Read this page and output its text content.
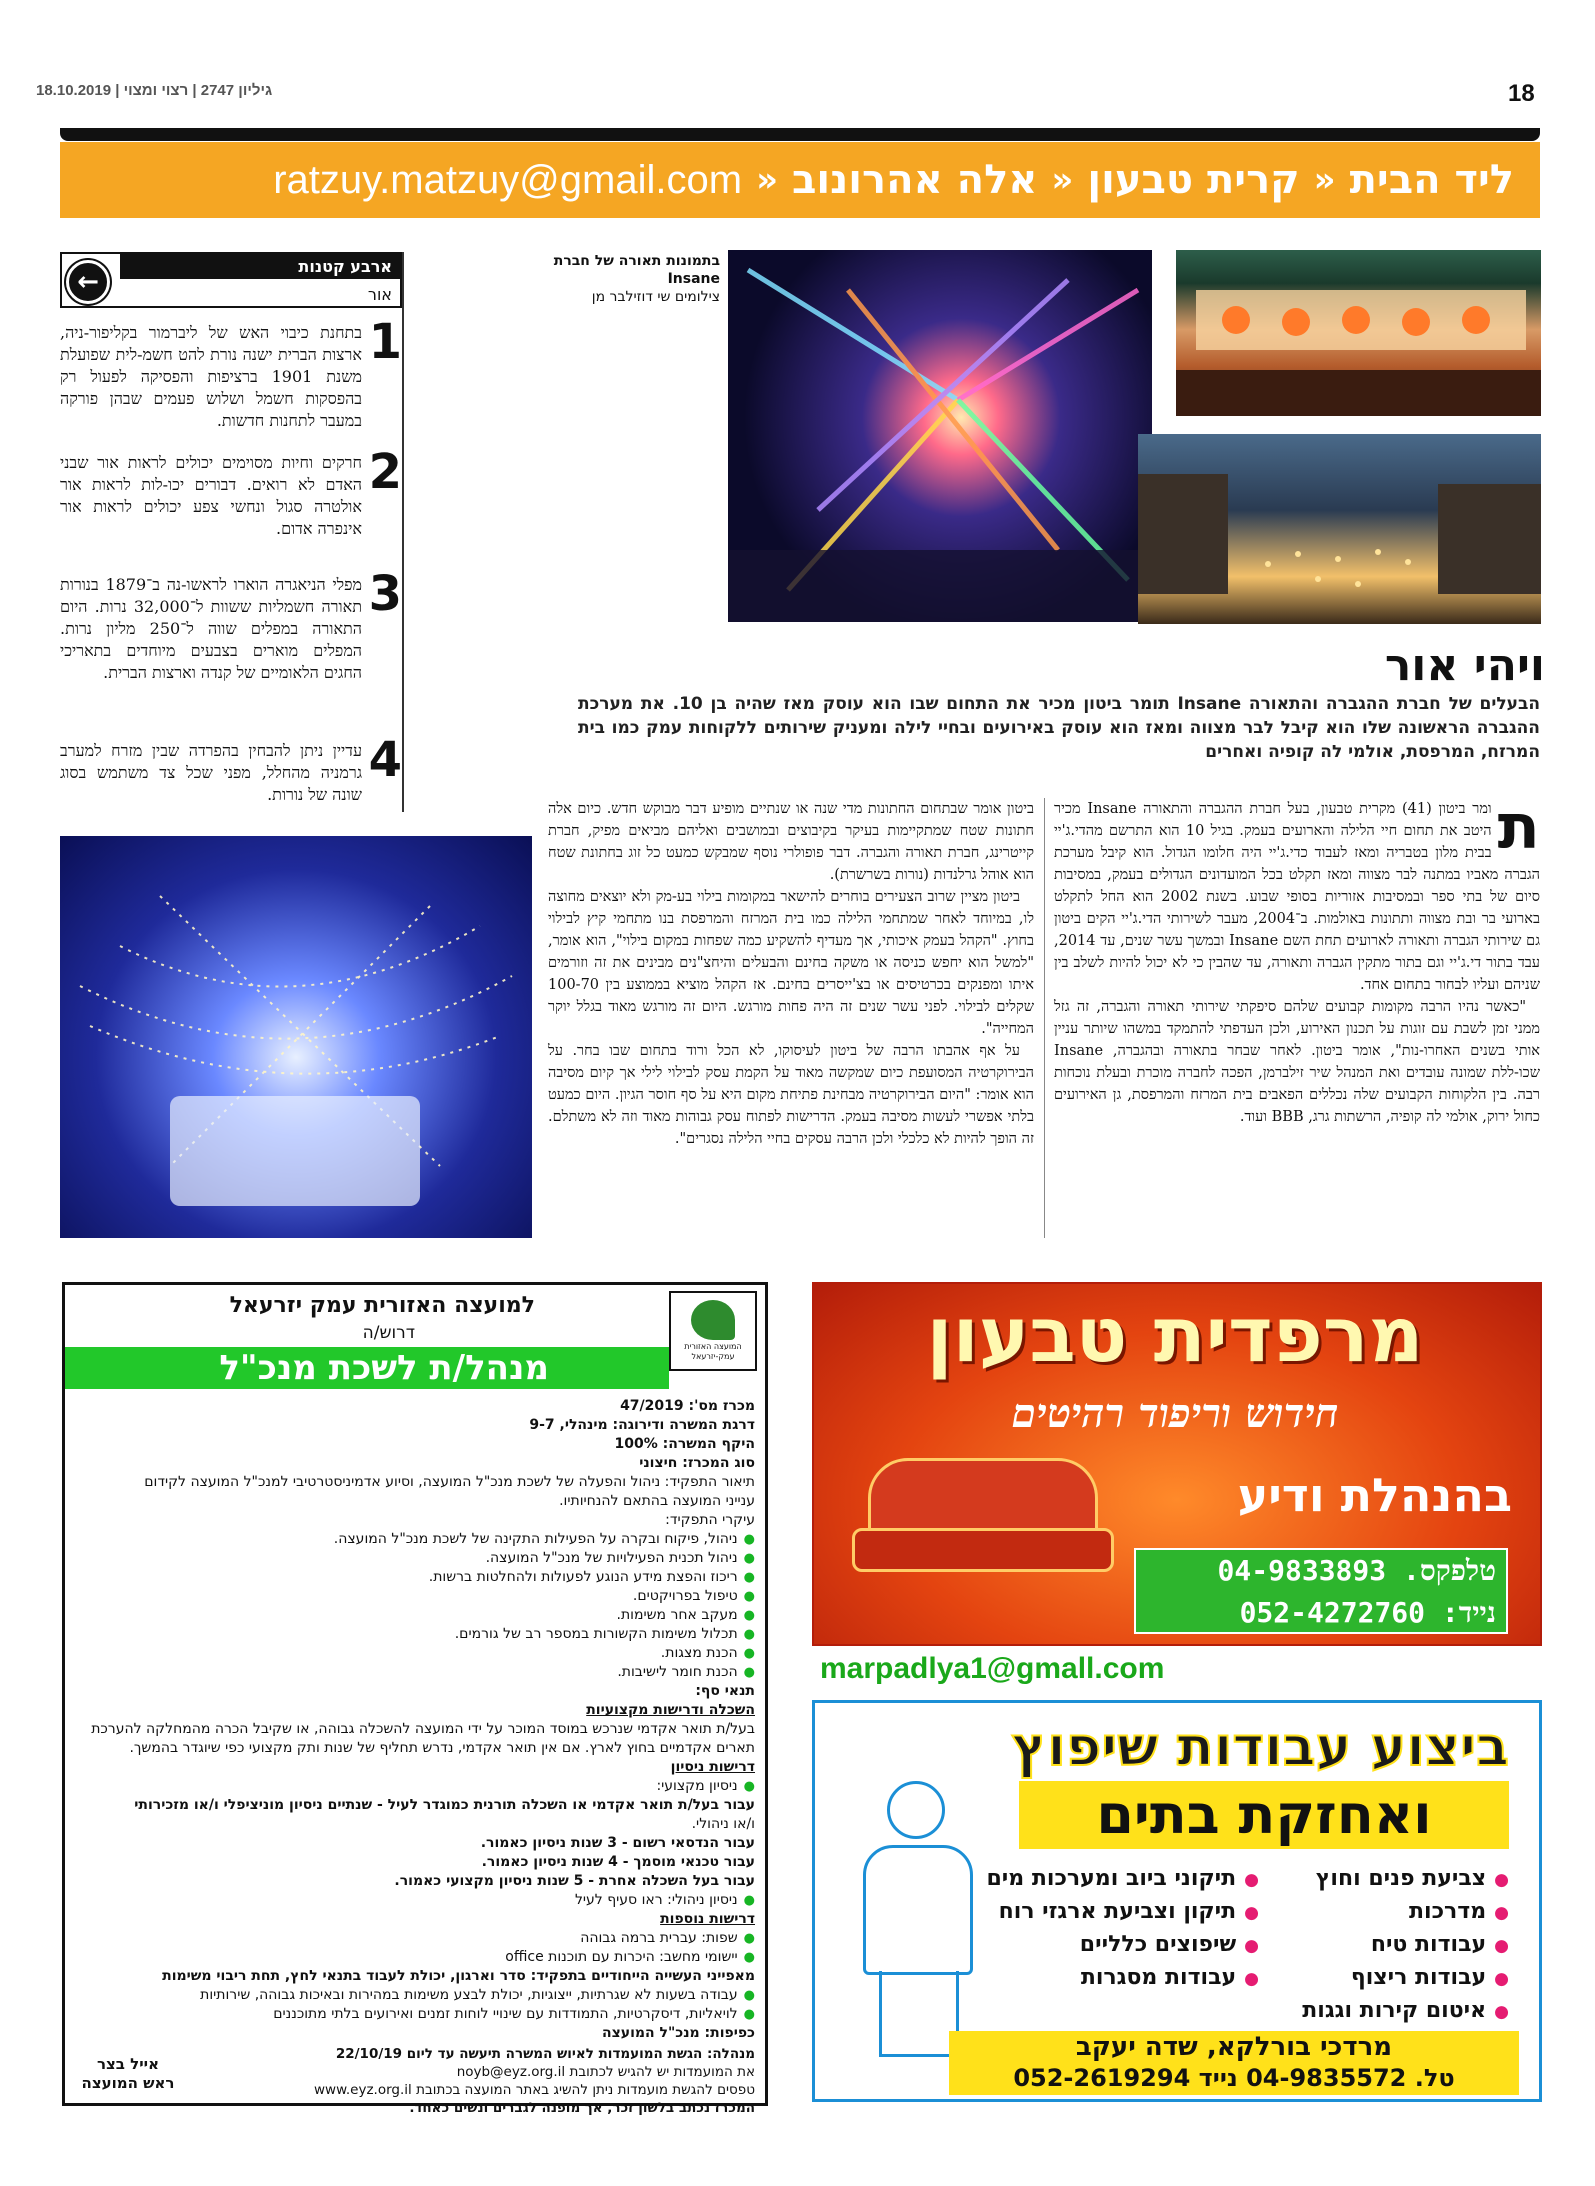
18
18.10.2019 | גיליון 2747 | רצוי ומצוי
ליד הבית
«
קרית טבעון
«
אלה אהרונוב
«
ratzuy.matzuy@gmail.com
ארבע קטנות
אור
←
1
בתחנת כיבוי האש של ליברמור בקליפור-ניה, ארצות הברית ישנה נורת להט חשמ-לית שפועלת משנת 1901 ברציפות והפסיקה לפעול רק בהפסקות חשמל ושלוש פעמים שבהן פורקה במעבר לתחנות חדשות.
2
חרקים וחיות מסוימים יכולים לראות אור שבני האדם לא רואים. דבורים יכו-לות לראות אור אולטרה סגול ונחשי צפע יכולים לראות אור אינפרה אדום.
3
מפלי הניאגרה הוארו לראשו-נה ב־1879 בנורות תאורה חשמליות ששוות ל־32,000 נרות. היום התאורה במפלים שווה ל־250 מליון נרות. המפלים מוארים בצבעים מיוחדים בתאריכי החגים הלאומיים של קנדה וארצות הברית.
4
עדיין ניתן להבחין בהפרדה שבין מזרח למערב גרמניה מהחלל, מפני שכל צד משתמש בסוג שונה של נורות.
בתמונות תאורה של חברת Insane
צילומים שי דוזילבר מן
ויהי אור
הבעלים של חברת ההגברה והתאורה Insane תומר ביטון מכיר את התחום שבו הוא עוסק מאז שהיה בן 10. את מערכת ההגברה הראשונה שלו הוא קיבל לבר מצווה ומאז הוא עוסק באירועים ובחיי לילה ומעניק שירותים ללקוחות עמק כמו בית המרזח, המרפסת, אולמי לה קופיה ואחרים
ת

ומר ביטון (41) מקרית טבעון, בעל חברת ההגברה והתאורה Insane מכיר היטב את תחום חיי הלילה והארועים בעמק. בגיל 10 הוא התרשם מהדי.ג'יי בבית מלון בטבריה ומאז לעבוד כדי.ג'יי היה חלומו הגדול. הוא קיבל מערכת הגברה מאביו במתנה לבר מצווה ומאז תקלט בכל המועדונים הגדולים בעמק, במסיבות סיום של בתי ספר ובמסיבות אזוריות בסופי שבוע. בשנת 2002 הוא החל לתקלט בארועי בר ובת מצווה ותתונות באולמות. ב־2004, מעבר לשירותי הדי.ג'יי הקים ביטון גם שירותי הגברה ותאורה לארועים תחת השם Insane ובמשך עשר שנים, עד 2014, עבד בתור די.ג'יי וגם בתור מתקין הגברה ותאורה, עד שהבין כי לא יכול להיות לשלב בין שניהם ועליו לבחור בתחום אחד.

"כאשר נהיו הרבה מקומות קבועים שלהם סיפקתי שירותי תאורה והגברה, זה גזל ממני זמן לשבת עם זוגות על תכנון האירוע, ולכן העדפתי להתמקד במשהו שיותר עניין אותי בשנים האחרו-נות", אומר ביטון. לאחר שבחר בתאורה ובהגברה, Insane שכו-ללת שמונה עובדים ואת המנהל שיר זילברמן, הפכה לחברה מוכרת ובעלת נוכחות רבה. בין הלקוחות הקבועים שלה נכללים הפאבים בית המרזח והמרפסת, גן האירועים כחול ירוק, אולמי לה קופיה, הרשתות גרג, BBB ועוד.

ביטון אומר שבתחום החתונות מדי שנה או שנתיים מופיע דבר מבוקש חדש. כיום אלה חתונות שטח שמתקיימות בעיקר בקיבוצים ובמושבים ואליהם מביאים מפיק, חברת קייטרינג, חברת תאורה והגברה. דבר פופולרי נוסף שמבקש כמעט כל זוג בחתונת שטח הוא אוהל גרלנדות (נורות בשרשרת).

ביטון מציין שרוב הצעירים בוחרים להישאר במקומות בילוי בע-מק ולא יוצאים מחוצה לו, במיוחד לאחר שמתחמי הלילה כמו בית המרזח והמרפסת בנו מתחמי קיץ לבילוי בחוץ. "הקהל בעמק איכותי, אך מעדיף להשקיע כמה שפחות במקום בילוי", הוא אומר, "למשל הוא יחפש כניסה או משקה בחינם והבעלים והיחצ"נים מבינים את זה וזורמים איתו ומפנקים בכרטיסים או בצ'ייסרים בחינם. אז הקהל מוציא בממוצע בין 100-70 שקלים לבילוי. לפני עשר שנים זה היה פחות מורגש. היום זה מורגש מאוד בגלל יוקר המחייה".

על אף אהבתו הרבה של ביטון לעיסוקו, לא הכל ורוד בתחום שבו בחר. על הבירוקרטיה המסועפת כיום שמקשה מאוד על הקמת עסק לבילוי לילי אך קיום מסיבה הוא אומר: "היום הבירוקרטיה מבחינת פתיחת מקום היא על סף חוסר הגיון. היום כמעט בלתי אפשרי לעשות מסיבה בעמק. הדרישות לפתוח עסק גבוהות מאוד וזה לא משתלם. זה הופך להיות לא כלכלי ולכן הרבה עסקים בחיי הלילה נסגרים".

המועצה האזורית עמק-יזרעאל
למועצה האזורית עמק יזרעאל
דרוש/ה
מנהל/ת לשכת מנכ"ל
מכרז מס': 47/2019
דרגת המשרה ודירוגה: מינהלי, 9-7
היקף המשרה: 100%
סוג המכרז: חיצוני
תיאור התפקיד: ניהול והפעלה של לשכת מנכ"ל המועצה, וסיוע אדמיניסטרטיבי למנכ"ל המועצה לקידום
ענייני המועצה בהתאם להנחיותיו.
עיקרי התפקיד:
● ניהול, פיקוח ובקרה על הפעילות התקינה של לשכת מנכ"ל המועצה.
● ניהול תכנית הפעילויות של מנכ"ל המועצה.
● ריכוז והפצת מידע הנוגע לפעולות ולהחלטות ברשות.
● טיפול בפרויקטים.
● מעקב אחר משימות.
● תכלול משימות הקשורות במספר רב של גורמים.
● הכנת מצגות.
● הכנת חומר לישיבות.
תנאי סף:
השכלה ודרישות מקצועיות
בעל/ת תואר אקדמי שנרכש במוסד המוכר על ידי המועצה להשכלה גבוהה, או שקיבל הכרה מהמחלקה להערכת
תארים אקדמיים בחוץ לארץ. אם אין תואר אקדמי, נדרש תחליף של שנות ותק מקצועי כפי שיוגדר בהמשך.
דרישות ניסיון
● ניסיון מקצועי:
עבור בעל/ת תואר אקדמי או השכלה תורנית כמוגדר לעיל - שנתיים ניסיון מוניציפלי ו/או מזכירותי
ו/או ניהולי.
עבור הנדסאי רשום - 3 שנות ניסיון כאמור.
עבור טכנאי מוסמך - 4 שנות ניסיון כאמור.
עבור בעל השכלה אחרת - 5 שנות ניסיון מקצועי כאמור.
● ניסיון ניהולי: ראו סעיף לעיל
דרישות נוספות
● שפות: עברית ברמה גבוהה
● יישומי מחשב: היכרות עם תוכנות office
מאפייני העשייה הייחודיים בתפקיד: סדר וארגון, יכולת לעבוד בתנאי לחץ, תחת ריבוי משימות
● עבודה בשעות לא שגרתיות, ייצוגיות, יכולת לבצע משימות במהירות ובאיכות גבוהה, שירותיות
● לויאליות, דיסקרטיות, התמודדות עם שינויי לוחות זמנים ואירועים בלתי מתוכננים
כפיפות: מנכ"ל המועצה
מנהלה: הגשת המועמדות לאיוש המשרה תיעשה עד ליום 22/10/19
את המועמדות יש להגיש לכתובת noyb@eyz.org.il
טפסים להגשת מועמדות ניתן להשיג באתר המועצה בכתובת www.eyz.org.il
המכרז נכתב בלשון זכר, אך מופנה לגברים ונשים כאחד.
אייל בצר
ראש המועצה
מרפדית טבעון
חידוש וריפוד רהיטים
בהנהלת ודיע
טלפקס. 04-9833893
נייד: 052-4272760
marpadlya1@gmall.com
ביצוע עבודות שיפוץ
ואחזקת בתים
● צביעת פנים וחוץ
● מדרכות
● עבודות טיח
● עבודות ריצוף
● איטום קירות וגגות
● תיקוני ביוב ומערכות מים
● תיקון וצביעת ארגזי רוח
● שיפוצים כלליים
● עבודות מסגרות
מרדכי בורלקא, שדה יעקב
טל. 04-9835572 נייד 052-2619294
